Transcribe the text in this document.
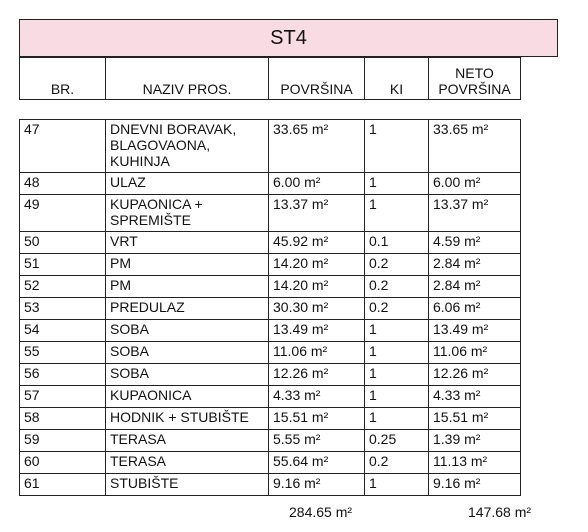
ST4
BR.	NAZIV PROS.	POVRŠINA	KI	
NETO
POVRŠINA
47	DNEVNI BORAVAK,
BLAGOVAONA,
KUHINJA	33.65 m²	1	33.65 m²
48	ULAZ	6.00 m²	1	6.00 m²
49	KUPAONICA +
SPREMIŠTE	13.37 m²	1	13.37 m²
50	VRT	45.92 m²	0.1	4.59 m²
51	PM	14.20 m²	0.2	2.84 m²
52	PM	14.20 m²	0.2	2.84 m²
53	PREDULAZ	30.30 m²	0.2	6.06 m²
54	SOBA	13.49 m²	1	13.49 m²
55	SOBA	11.06 m²	1	11.06 m²
56	SOBA	12.26 m²	1	12.26 m²
57	KUPAONICA	4.33 m²	1	4.33 m²
58	HODNIK + STUBIŠTE	15.51 m²	1	15.51 m²
59	TERASA	5.55 m²	0.25	1.39 m²
60	TERASA	55.64 m²	0.2	11.13 m²
61	STUBIŠTE	9.16 m²	1	9.16 m²
284.65 m²	147.68 m²
